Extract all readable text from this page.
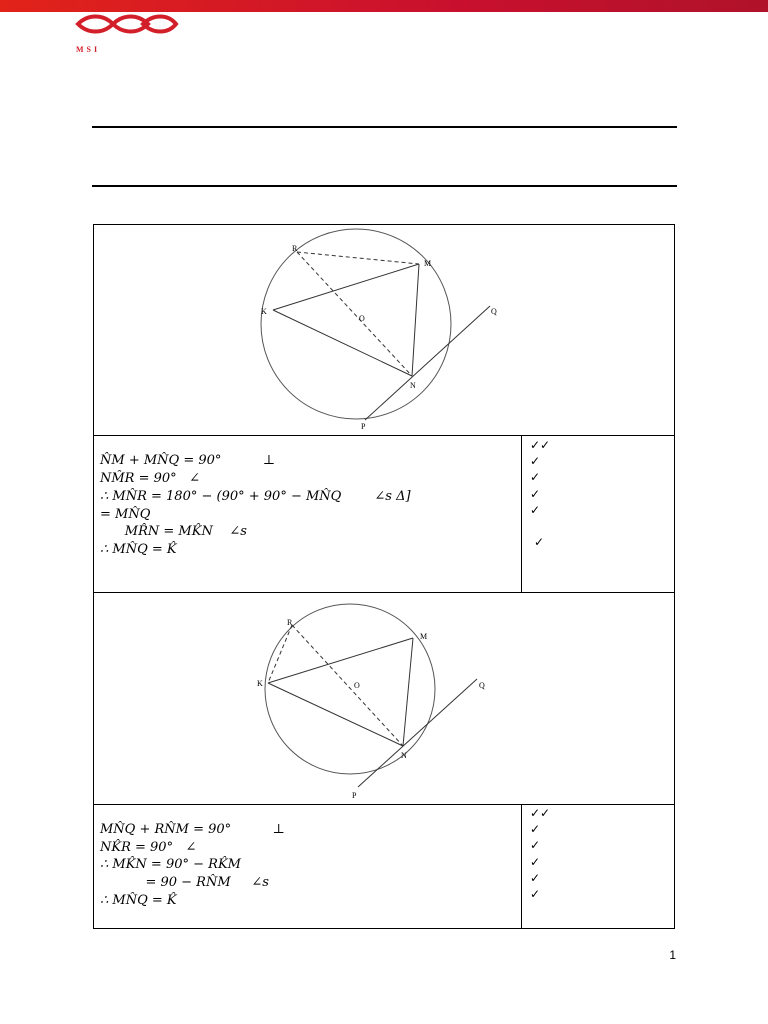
MSI
R
M
K
O
N
Q
P
N̂M + MN̂Q = 90°          ⊥
NM̂R = 90°   ∠
∴ MN̂R = 180° − (90° + 90° − MN̂Q        ∠s Δ]
= MN̂Q
MR̂N = MK̂N    ∠s
∴ MN̂Q = K̂
✓✓
✓
✓
✓
✓
✓
R
M
K	O
N
Q
P
MN̂Q + RN̂M = 90°          ⊥
NK̂R = 90°   ∠
∴ MK̂N = 90° − RK̂M
= 90 − RN̂M     ∠s
∴ MN̂Q = K̂
✓✓
✓
✓
✓
✓
✓
1
